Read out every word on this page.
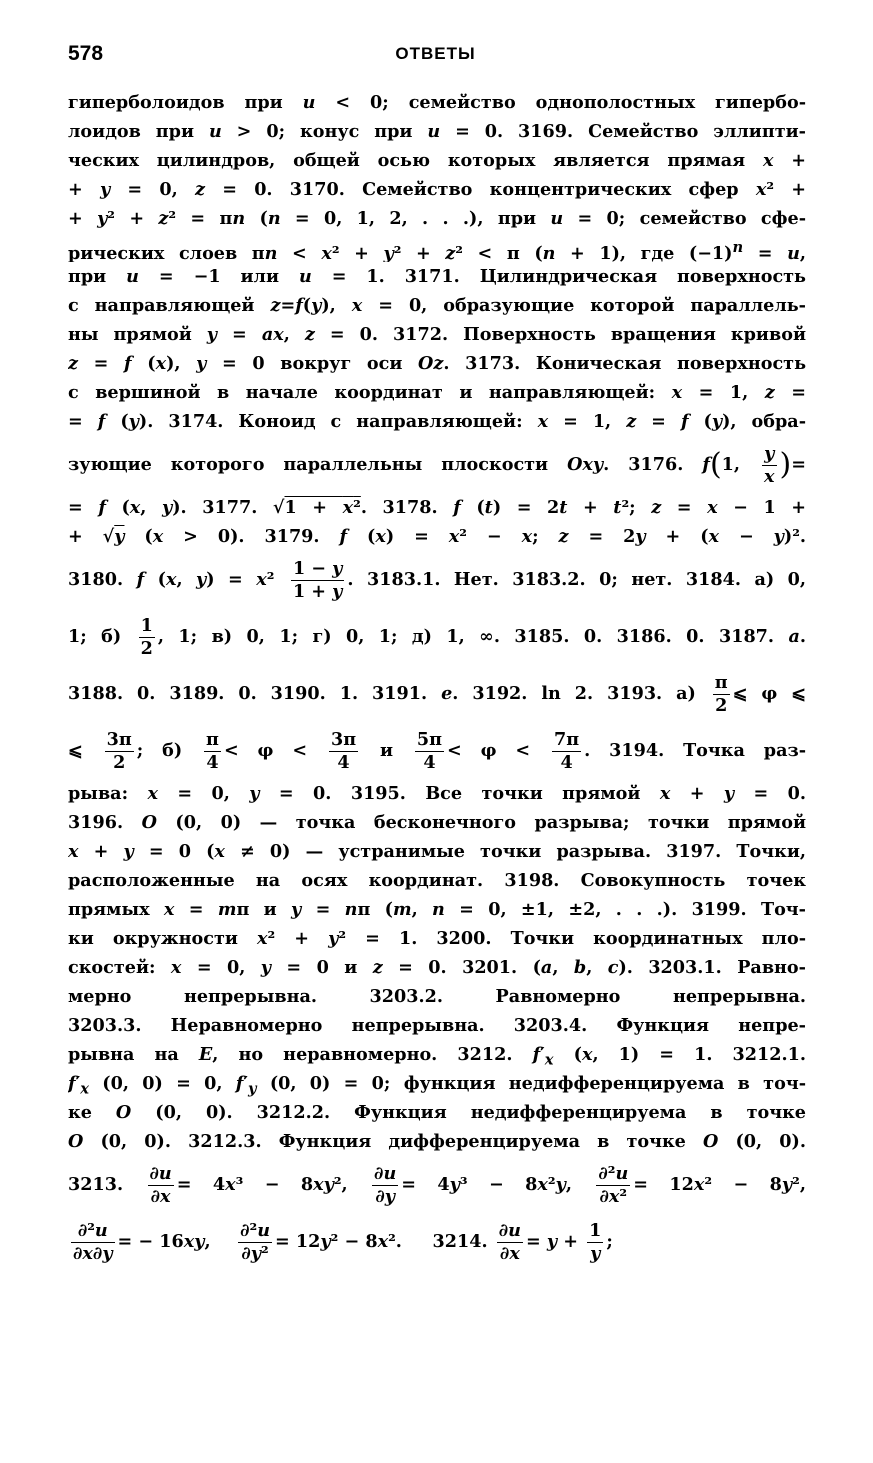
578	ОТВЕТЫ
гиперболоидов при u < 0; семейство однополостных гипербо-
лоидов при u > 0; конус при u = 0. 3169. Семейство эллипти-
ческих цилиндров, общей осью которых является прямая x +
+ y = 0, z = 0. 3170. Семейство концентрических сфер x² +
+ y² + z² = πn (n = 0, 1, 2, . . .), при u = 0; семейство сфе-
рических слоев πn < x² + y² + z² < π (n + 1), где $(-1)^n = u$,
при u = −1 или u = 1. 3171. Цилиндрическая поверхность
с направляющей z=f(y), x = 0, образующие которой параллель-
ны прямой y = ax, z = 0. 3172. Поверхность вращения кривой
z = f (x), y = 0 вокруг оси Oz. 3173. Коническая поверхность
с вершиной в начале координат и направляющей: x = 1, z =
= f (y). 3174. Коноид с направляющей: x = 1, z = f (y), обра-
зующие которого параллельны плоскости Oxy. 3176. f(1, $\frac{y}{x}$ )=
= f (x, y). 3177. √1 + x². 3178. f (t) = 2t + t²; z = x − 1 +
+ √y (x > 0). 3179. f (x) = x² − x; z = 2y + (x − y)².
3180. f (x, $y) = x^2 \frac{1 - y}{1 + y}$ . 3183.1. Нет. 3183.2. 0; нет. 3184. а) 0,
1; $б) \frac{1}{2}$ , 1; в) 0, 1; г) 0, 1; д) 1, ∞. 3185. 0. 3186. 0. 3187. a.
3188. 0. 3189. 0. 3190. 1. 3191. e. 3192. ln 2. 3193. $а) \frac{\pi}{2}$ ⩽ φ ⩽
⩽ $\frac{3\pi}{2}$ ; $б) \frac{\pi}{4} < \varphi < \frac{3\pi}{4}$ и $\frac{5\pi}{4} < \varphi < \frac{7\pi}{4}$ . 3194. Точка раз-
рыва: x = 0, y = 0. 3195. Все точки прямой x + y = 0.
3196. O (0, 0) — точка бесконечного разрыва; точки прямой
x + y = 0 (x ≠ 0) — устранимые точки разрыва. 3197. Точки,
расположенные на осях координат. 3198. Совокупность точек
прямых x = mπ и y = nπ (m, n = 0, ±1, ±2, . . .). 3199. Точ-
ки окружности x² + y² = 1. 3200. Точки координатных пло-
скостей: x = 0, y = 0 и z = 0. 3201. (a, b, c). 3203.1. Равно-
мерно непрерывна. 3203.2. Равномерно непрерывна.
3203.3. Неравномерно непрерывна. 3203.4. Функция непре-
рывна на E, но неравномерно. 3212. $f'_x$ (x, 1) = 1. 3212.1.
$f'_x$ (0, 0) = 0, $f'_y$ (0, 0) = 0; функция недифференцируема в точ-
ке O (0, 0). 3212.2. Функция недифференцируема в точке
O (0, 0). 3212.3. Функция дифференцируема в точке O (0, 0).
3213. $\frac{\partial u}{\partial x} = 4x^3 - 8xy^2$, $\frac{\partial u}{\partial y} = 4y^3 - 8x^2y$, $\frac{\text{∂²u}}{\text{∂x²}} = 12x^2 - 8y^2$,
$\frac{\text{∂²u}}{\partial x\partial y}$ = − 16xy, $\frac{\text{∂²u}}{\text{∂y²}} = 12y^2 - 8x^2$.     3214. $\frac{\partial u}{\partial x} = y + \frac{1}{y}$ ;
